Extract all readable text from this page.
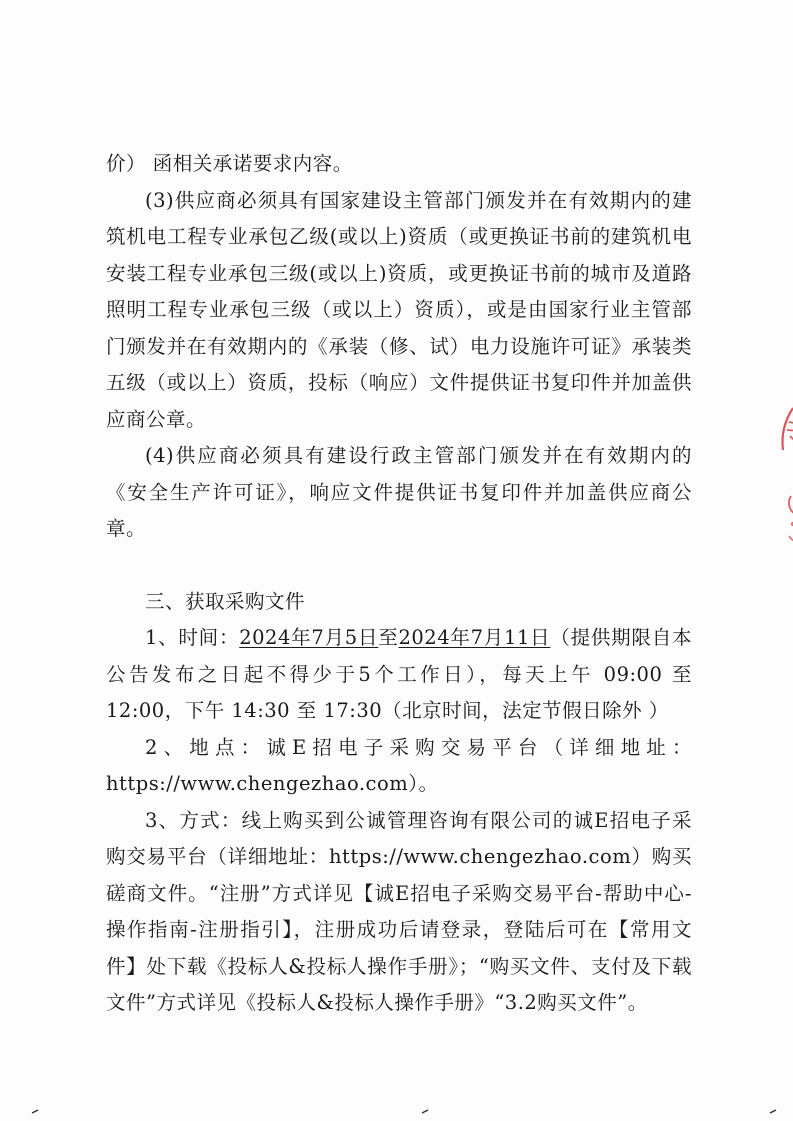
价） 函相关承诺要求内容。

(3)供应商必须具有国家建设主管部门颁发并在有效期内的建筑机电工程专业承包乙级(或以上)资质（或更换证书前的建筑机电安装工程专业承包三级(或以上)资质，或更换证书前的城市及道路照明工程专业承包三级（或以上）资质），或是由国家行业主管部门颁发并在有效期内的《承装（修、试）电力设施许可证》承装类五级（或以上）资质，投标（响应）文件提供证书复印件并加盖供应商公章。

(4)供应商必须具有建设行政主管部门颁发并在有效期内的《安全生产许可证》，响应文件提供证书复印件并加盖供应商公章。

三、获取采购文件

1、时间：2024年7月5日至2024年7月11日（提供期限自本公告发布之日起不得少于5个工作日），每天上午 09:00 至 12:00，下午 14:30 至 17:30（北京时间，法定节假日除外 ）

2、地点：诚E招电子采购交易平台（详细地址：https://www.chengezhao.com）。

3、方式：线上购买到公诚管理咨询有限公司的诚E招电子采购交易平台（详细地址：https://www.chengezhao.com）购买磋商文件。“注册”方式详见【诚E招电子采购交易平台-帮助中心-操作指南-注册指引】，注册成功后请登录，登陆后可在【常用文件】处下载《投标人&投标人操作手册》；“购买文件、支付及下载文件”方式详见《投标人&投标人操作手册》“3.2购买文件”。
